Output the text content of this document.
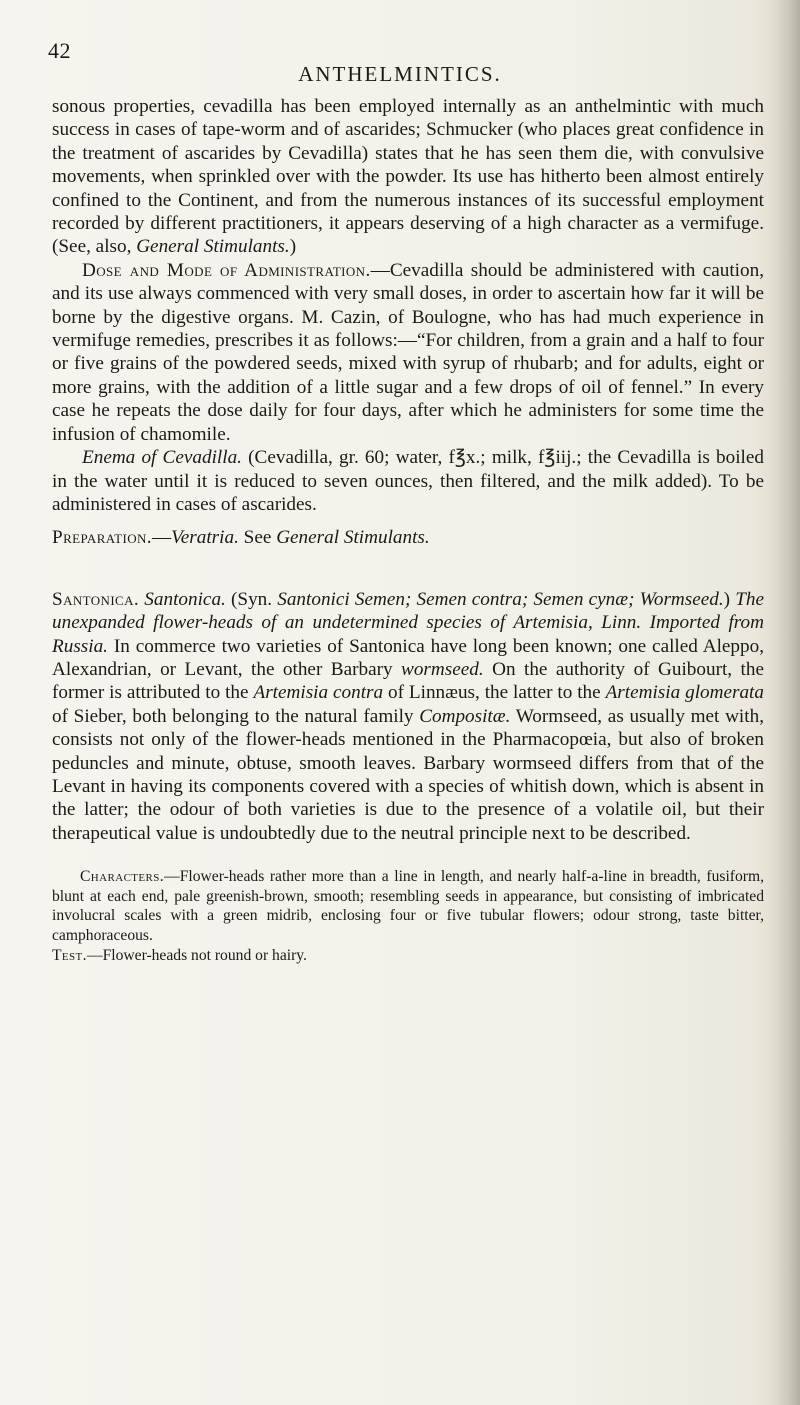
42
ANTHELMINTICS.

sonous properties, cevadilla has been employed internally as an anthelmintic with much success in cases of tape-worm and of ascarides; Schmucker (who places great confidence in the treatment of ascarides by Cevadilla) states that he has seen them die, with convulsive movements, when sprinkled over with the powder. Its use has hitherto been almost entirely confined to the Continent, and from the numerous instances of its successful employment recorded by different practitioners, it appears deserving of a high character as a vermifuge. (See, also, General Stimulants.)

Dose and Mode of Administration.—Cevadilla should be administered with caution, and its use always commenced with very small doses, in order to ascertain how far it will be borne by the digestive organs. M. Cazin, of Boulogne, who has had much experience in vermifuge remedies, prescribes it as follows:—“For children, from a grain and a half to four or five grains of the powdered seeds, mixed with syrup of rhubarb; and for adults, eight or more grains, with the addition of a little sugar and a few drops of oil of fennel.” In every case he repeats the dose daily for four days, after which he administers for some time the infusion of chamomile.

Enema of Cevadilla. (Cevadilla, gr. 60; water, f℥x.; milk, f℥iij.; the Cevadilla is boiled in the water until it is reduced to seven ounces, then filtered, and the milk added). To be administered in cases of ascarides.

Preparation.—Veratria. See General Stimulants.

Santonica. Santonica. (Syn. Santonici Semen; Semen contra; Semen cynæ; Wormseed.) The unexpanded flower-heads of an undetermined species of Artemisia, Linn. Imported from Russia. In commerce two varieties of Santonica have long been known; one called Aleppo, Alexandrian, or Levant, the other Barbary wormseed. On the authority of Guibourt, the former is attributed to the Artemisia contra of Linnæus, the latter to the Artemisia glomerata of Sieber, both belonging to the natural family Compositæ. Wormseed, as usually met with, consists not only of the flower-heads mentioned in the Pharmacopœia, but also of broken peduncles and minute, obtuse, smooth leaves. Barbary wormseed differs from that of the Levant in having its components covered with a species of whitish down, which is absent in the latter; the odour of both varieties is due to the presence of a volatile oil, but their therapeutical value is undoubtedly due to the neutral principle next to be described.

Characters.—Flower-heads rather more than a line in length, and nearly half-a-line in breadth, fusiform, blunt at each end, pale greenish-brown, smooth; resembling seeds in appearance, but consisting of imbricated involucral scales with a green midrib, enclosing four or five tubular flowers; odour strong, taste bitter, camphoraceous.

Test.—Flower-heads not round or hairy.
